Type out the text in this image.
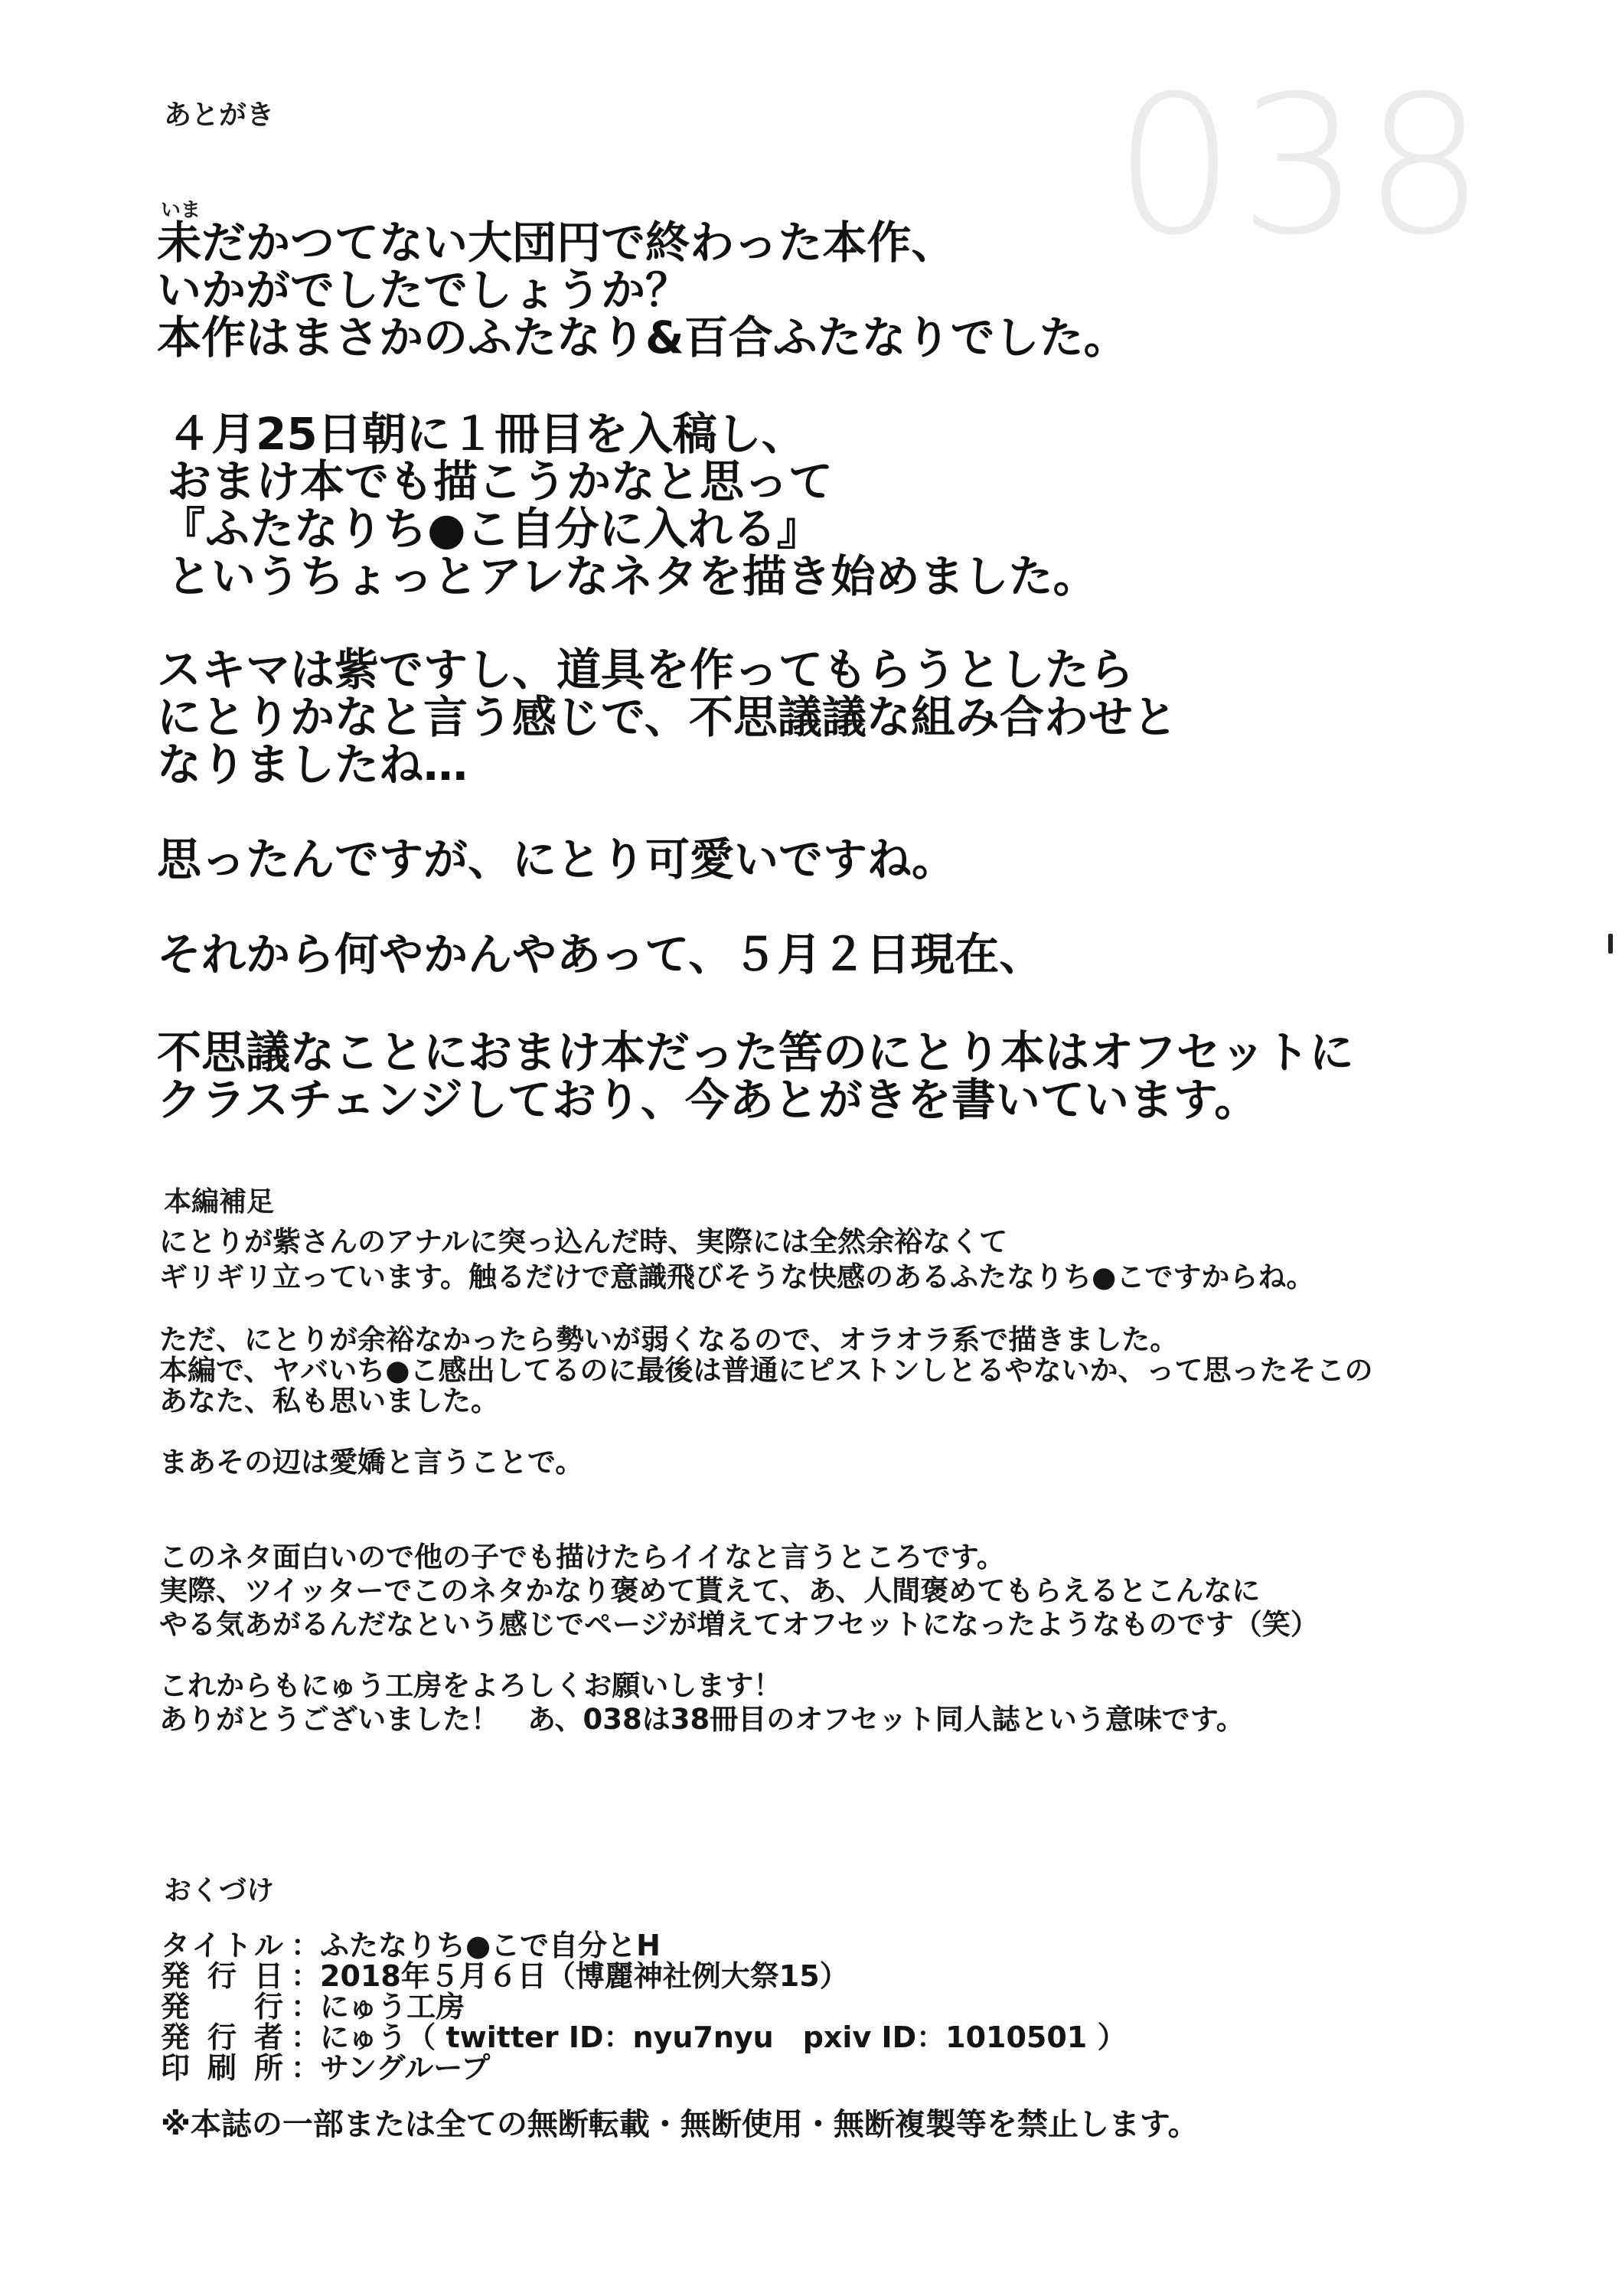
038
あとがき
いま
未だかつてない大団円で終わった本作、
いかがでしたでしょうか？
本作はまさかのふたなり&百合ふたなりでした。
４月25日朝に１冊目を入稿し、
おまけ本でも描こうかなと思って
『ふたなりち●こ自分に入れる』
というちょっとアレなネタを描き始めました。
スキマは紫ですし、道具を作ってもらうとしたら
にとりかなと言う感じで、不思議議な組み合わせと
なりましたね…
思ったんですが、にとり可愛いですね。
それから何やかんやあって、５月２日現在、
不思議なことにおまけ本だった筈のにとり本はオフセットに
クラスチェンジしており、今あとがきを書いています。
本編補足
にとりが紫さんのアナルに突っ込んだ時、実際には全然余裕なくて
ギリギリ立っています。触るだけで意識飛びそうな快感のあるふたなりち●こですからね。
ただ、にとりが余裕なかったら勢いが弱くなるので、オラオラ系で描きました。
本編で、ヤバいち●こ感出してるのに最後は普通にピストンしとるやないか、って思ったそこの
あなた、私も思いました。
まあその辺は愛嬌と言うことで。
このネタ面白いので他の子でも描けたらイイなと言うところです。
実際、ツイッターでこのネタかなり褒めて貰えて、あ、人間褒めてもらえるとこんなに
やる気あがるんだなという感じでページが増えてオフセットになったようなものです（笑）
これからもにゅう工房をよろしくお願いします！
ありがとうございました！　あ、038は38冊目のオフセット同人誌という意味です。
おくづけ
タイトル ：ふたなりち●こで自分とH
発行日 ：2018年５月６日（博麗神社例大祭15）
発行 ：にゅう工房
発行者 ：にゅう（ twitter ID：nyu7nyu　pxiv ID：1010501 ）
印刷所 ：サングループ
※本誌の一部または全ての無断転載・無断使用・無断複製等を禁止します。
